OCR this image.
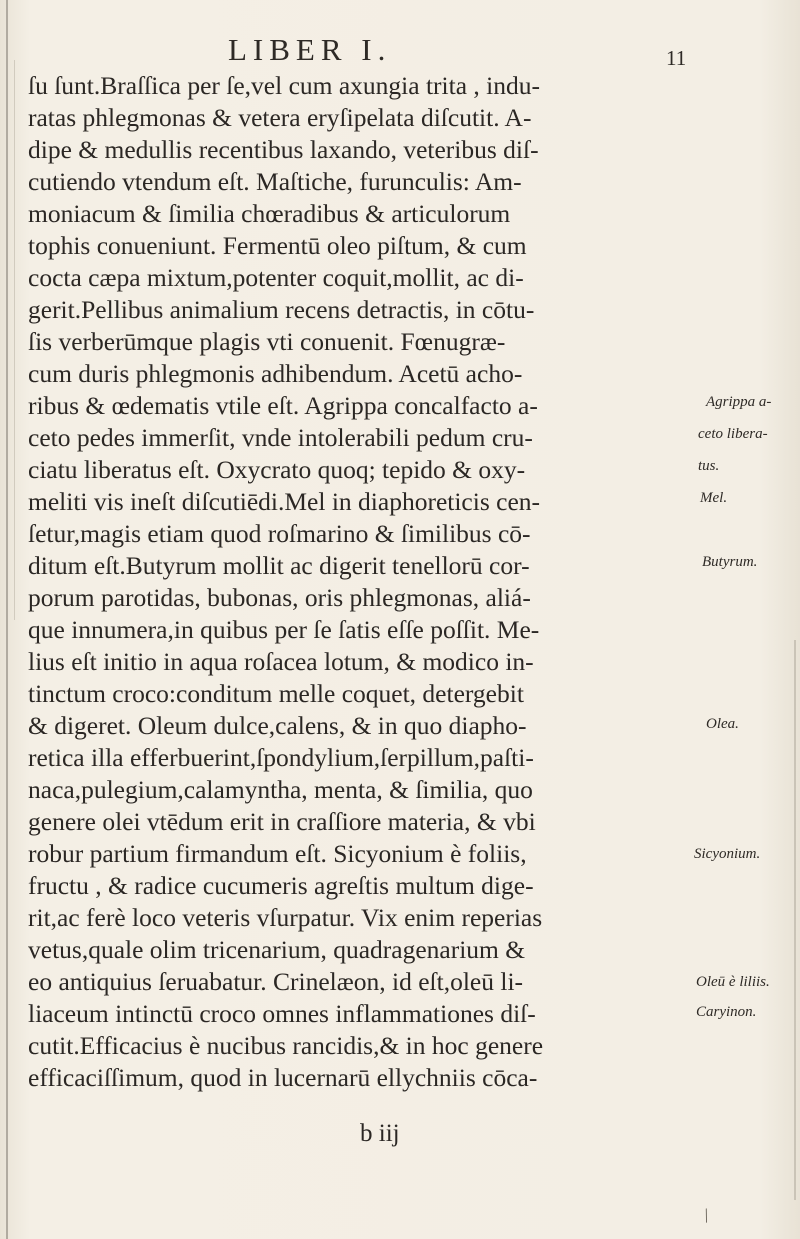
LIBER I.	11
ſu ſunt.Braſſica per ſe,vel cum axungia trita , indu-
ratas phlegmonas & vetera eryſipelata diſcutit. A-
dipe & medullis recentibus laxando, veteribus diſ-
cutiendo vtendum eſt. Maſtiche, furunculis: Am-
moniacum & ſimilia chœradibus & articulorum
tophis conueniunt. Fermentū oleo piſtum, & cum
cocta cæpa mixtum,potenter coquit,mollit, ac di-
gerit.Pellibus animalium recens detractis, in cōtu-
ſis verberūmque plagis vti conuenit. Fœnugræ-
cum duris phlegmonis adhibendum. Acetū acho-
ribus & œdematis vtile eſt. Agrippa concalfacto a-
ceto pedes immerſit, vnde intolerabili pedum cru-
ciatu liberatus eſt. Oxycrato quoq; tepido & oxy-
meliti vis ineſt diſcutiēdi.Mel in diaphoreticis cen-
ſetur,magis etiam quod roſmarino & ſimilibus cō-
ditum eſt.Butyrum mollit ac digerit tenellorū cor-
porum parotidas, bubonas, oris phlegmonas, aliá-
que innumera,in quibus per ſe ſatis eſſe poſſit. Me-
lius eſt initio in aqua roſacea lotum, & modico in-
tinctum croco:conditum melle coquet, detergebit
& digeret. Oleum dulce,calens, & in quo diapho-
retica illa efferbuerint,ſpondylium,ſerpillum,paſti-
naca,pulegium,calamyntha, menta, & ſimilia, quo
genere olei vtēdum erit in craſſiore materia, & vbi
robur partium firmandum eſt. Sicyonium è foliis,
fructu , & radice cucumeris agreſtis multum dige-
rit,ac ferè loco veteris vſurpatur. Vix enim reperias
vetus,quale olim tricenarium, quadragenarium &
eo antiquius ſeruabatur. Crinelæon, id eſt,oleū li-
liaceum intinctū croco omnes inflammationes diſ-
cutit.Efficacius è nucibus rancidis,& in hoc genere
efficaciſſimum, quod in lucernarū ellychniis cōca-
Agrippa a-
ceto libera-
tus.
Mel.
Butyrum.
Olea.
Sicyonium.
Oleū è liliis.
Caryinon.
b iij
/
